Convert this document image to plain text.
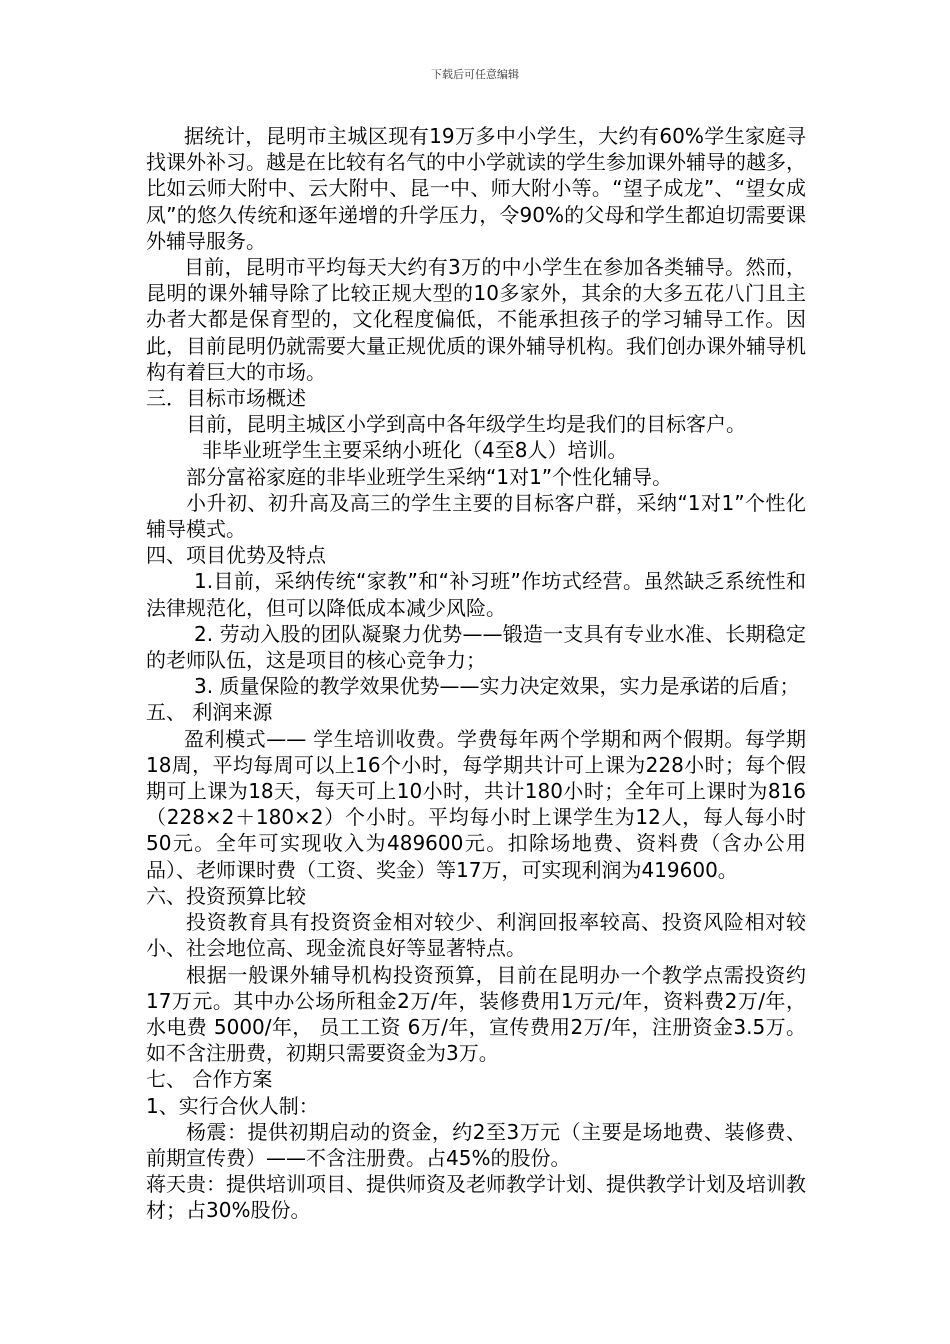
下载后可任意编辑

据统计，昆明市主城区现有19万多中小学生，大约有60%学生家庭寻找课外补习。越是在比较有名气的中小学就读的学生参加课外辅导的越多，比如云师大附中、云大附中、昆一中、师大附小等。“望子成龙”、“望女成凤”的悠久传统和逐年递增的升学压力，令90%的父母和学生都迫切需要课外辅导服务。

目前，昆明市平均每天大约有3万的中小学生在参加各类辅导。然而，昆明的课外辅导除了比较正规大型的10多家外，其余的大多五花八门且主办者大都是保育型的，文化程度偏低，不能承担孩子的学习辅导工作。因此，目前昆明仍就需要大量正规优质的课外辅导机构。我们创办课外辅导机构有着巨大的市场。

三．目标市场概述

目前，昆明主城区小学到高中各年级学生均是我们的目标客户。

非毕业班学生主要采纳小班化（4至8人）培训。

部分富裕家庭的非毕业班学生采纳“1对1”个性化辅导。

小升初、初升高及高三的学生主要的目标客户群，采纳“1对1”个性化辅导模式。

四、项目优势及特点

1.目前，采纳传统“家教”和“补习班”作坊式经营。虽然缺乏系统性和法律规范化，但可以降低成本减少风险。

2. 劳动入股的团队凝聚力优势——锻造一支具有专业水准、长期稳定的老师队伍，这是项目的核心竞争力；

3. 质量保险的教学效果优势——实力决定效果，实力是承诺的后盾；

五、 利润来源

盈利模式—— 学生培训收费。学费每年两个学期和两个假期。每学期18周，平均每周可以上16个小时，每学期共计可上课为228小时；每个假期可上课为18天，每天可上10小时，共计180小时；全年可上课时为816（228×2＋180×2）个小时。平均每小时上课学生为12人，每人每小时50元。全年可实现收入为489600元。扣除场地费、资料费（含办公用品）、老师课时费（工资、奖金）等17万，可实现利润为419600。

六、投资预算比较

投资教育具有投资资金相对较少、利润回报率较高、投资风险相对较小、社会地位高、现金流良好等显著特点。

根据一般课外辅导机构投资预算，目前在昆明办一个教学点需投资约17万元。其中办公场所租金2万/年，装修费用1万元/年，资料费2万/年，水电费 5000/年， 员工工资 6万/年，宣传费用2万/年，注册资金3.5万。如不含注册费，初期只需要资金为3万。

七、 合作方案

1、实行合伙人制：

杨震：提供初期启动的资金，约2至3万元（主要是场地费、装修费、前期宣传费）——不含注册费。占45%的股份。

蒋天贵：提供培训项目、提供师资及老师教学计划、提供教学计划及培训教材；占30%股份。
